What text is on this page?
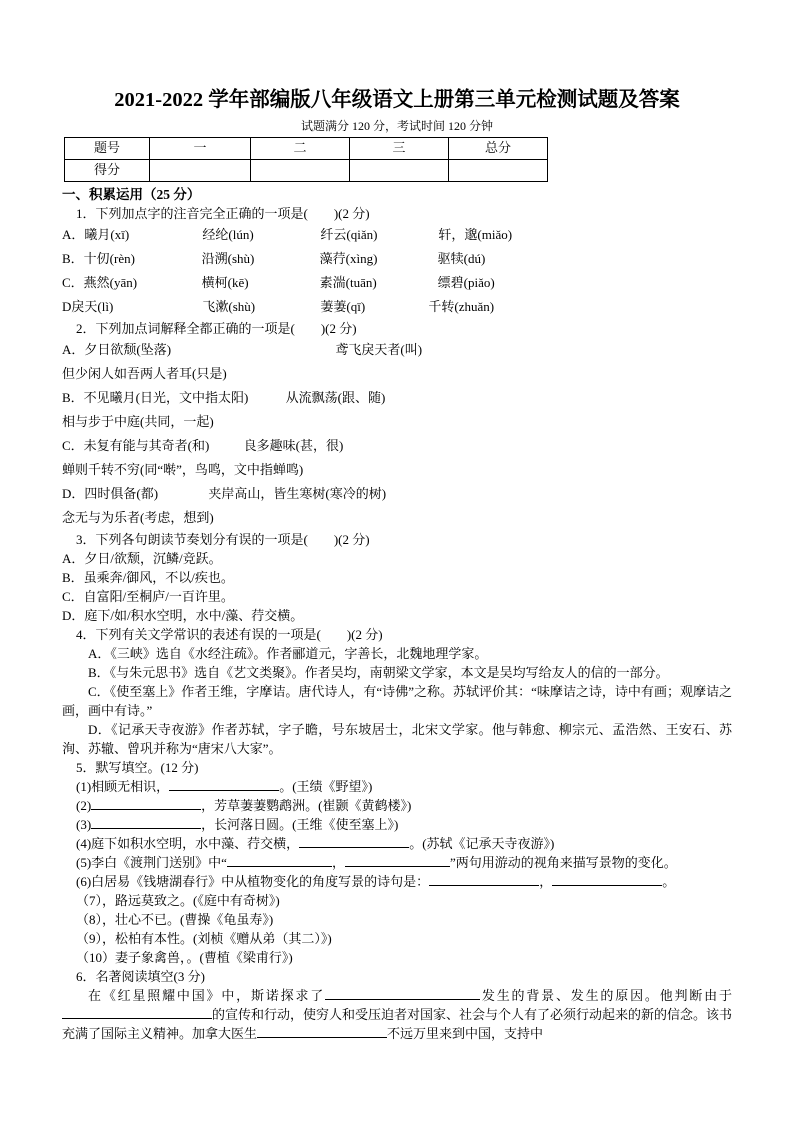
2021-2022 学年部编版八年级语文上册第三单元检测试题及答案
试题满分 120 分，考试时间 120 分钟
题号	一	二	三	总分
得分				
一、积累运用（25 分）
1．下列加点字的注音完全正确的一项是( )(2 分)
A．曦月(xī)	经纶(lún)	纤云(qiǎn)	轩，邈(miǎo)
B．十仞(rèn)	沿溯(shù)	藻荇(xìng)	驱犊(dú)
C．燕然(yān)	横柯(kē)	素湍(tuān)	缥碧(piǎo)
D戾天(lì)	飞漱(shù)	萋萋(qī)	千转(zhuǎn)
2．下列加点词解释全都正确的一项是( )(2 分)
A．夕日欲颓(坠落)	鸢飞戾天者(叫)
但少闲人如吾两人者耳(只是)
B．不见曦月(日光，文中指太阳)	从流飘荡(跟、随)
相与步于中庭(共同，一起)
C．未复有能与其奇者(和)	良多趣味(甚，很)
蝉则千转不穷(同“啭”，鸟鸣，文中指蝉鸣)
D．四时俱备(都)	夹岸高山，皆生寒树(寒冷的树)
念无与为乐者(考虑，想到)
3．下列各句朗读节奏划分有误的一项是( )(2 分)
A．夕日/欲颓，沉鳞/竞跃。
B．虽乘奔/御风，不以/疾也。
C．自富阳/至桐庐/一百许里。
D．庭下/如/积水空明，水中/藻、荇交横。
4．下列有关文学常识的表述有误的一项是( )(2 分)
A．《三峡》选自《水经注疏》。作者郦道元，字善长，北魏地理学家。
B．《与朱元思书》选自《艺文类聚》。作者吴均，南朝梁文学家，本文是吴均写给友人的信的一部分。
C．《使至塞上》作者王维，字摩诘。唐代诗人，有“诗佛”之称。苏轼评价其：“味摩诘之诗，诗中有画；观摩诘之画，画中有诗。”
D．《记承天寺夜游》作者苏轼，字子瞻，号东坡居士，北宋文学家。他与韩愈、柳宗元、孟浩然、王安石、苏洵、苏辙、曾巩并称为“唐宋八大家”。
5．默写填空。(12 分)
(1)相顾无相识，	。(王绩《野望》)
(2)	，芳草萋萋鹦鹉洲。(崔颢《黄鹤楼》)
(3)	，长河落日圆。(王维《使至塞上》)
(4)庭下如积水空明，水中藻、荇交横，	。(苏轼《记承天寺夜游》)
(5)李白《渡荆门送别》中“	，	”两句用游动的视角来描写景物的变化。
(6)白居易《钱塘湖春行》中从植物变化的角度写景的诗句是：	，	。
（7），路远莫致之。(《庭中有奇树》)
（8），壮心不已。(曹操《龟虽寿》)
（9），松柏有本性。(刘桢《赠从弟（其二）》)
（10）妻子象禽兽，。(曹植《梁甫行》)
6．名著阅读填空(3 分)
在《红星照耀中国》中，斯诺探求了	发生的背景、发生的原因。他判断由于的宣传和行动，使穷人和受压迫者对国家、社会与个人有了必须行动起来的新的信念。该书充满了国际主义精神。加拿大医生	不远万里来到中国，支持中
